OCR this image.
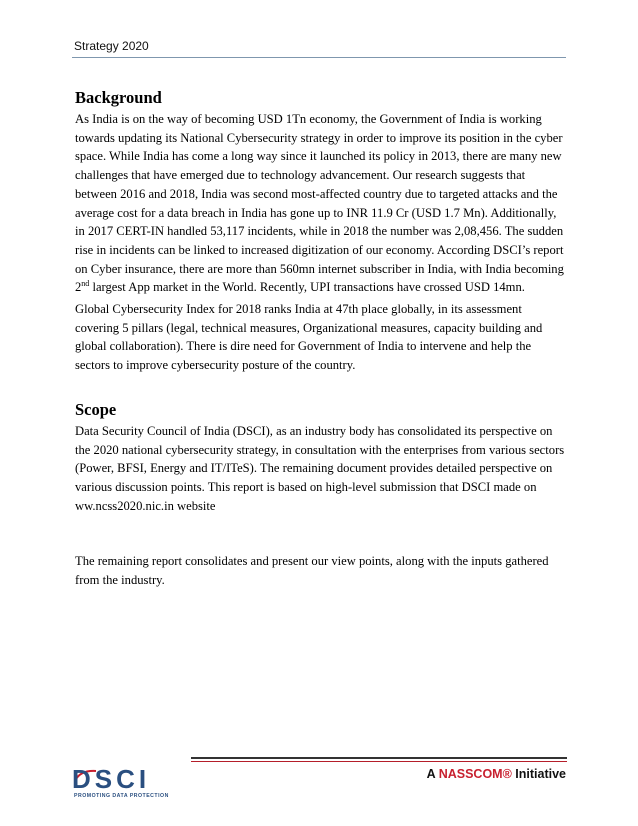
Strategy 2020
Background

As India is on the way of becoming USD 1Tn economy, the Government of India is working towards updating its National Cybersecurity strategy in order to improve its position in the cyber space. While India has come a long way since it launched its policy in 2013, there are many new challenges that have emerged due to technology advancement. Our research suggests that between 2016 and 2018, India was second most-affected country due to targeted attacks and the average cost for a data breach in India has gone up to INR 11.9 Cr (USD 1.7 Mn). Additionally, in 2017 CERT-IN handled 53,117 incidents, while in 2018 the number was 2,08,456. The sudden rise in incidents can be linked to increased digitization of our economy. According DSCI’s report on Cyber insurance, there are more than 560mn internet subscriber in India, with India becoming 2nd largest App market in the World. Recently, UPI transactions have crossed USD 14mn.

Global Cybersecurity Index for 2018 ranks India at 47th place globally, in its assessment covering 5 pillars (legal, technical measures, Organizational measures, capacity building and global collaboration). There is dire need for Government of India to intervene and help the sectors to improve cybersecurity posture of the country.

Scope

Data Security Council of India (DSCI), as an industry body has consolidated its perspective on the 2020 national cybersecurity strategy, in consultation with the enterprises from various sectors (Power, BFSI, Energy and IT/ITeS). The remaining document provides detailed perspective on various discussion points. This report is based on high-level submission that DSCI made on ww.ncss2020.nic.in website

The remaining report consolidates and present our view points, along with the inputs gathered from the industry.

DSCI
PROMOTING DATA PROTECTION
A NASSCOM® Initiative
